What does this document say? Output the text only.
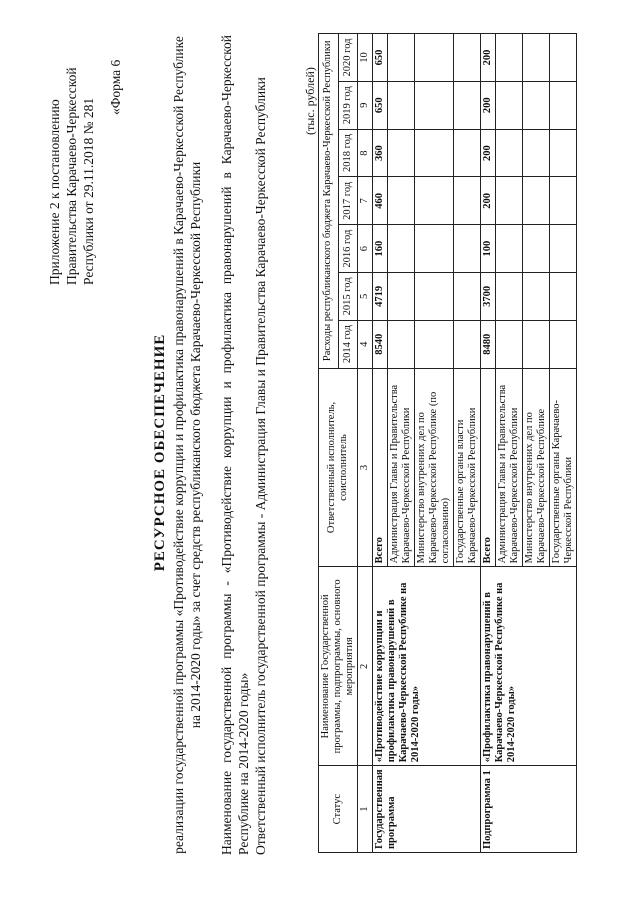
Приложение 2 к постановлению Правительства Карачаево-Черкесской Республики от 29.11.2018 № 281
«Форма 6
РЕСУРСНОЕ ОБЕСПЕЧЕНИЕ реализации государственной программы «Противодействие коррупции и профилактика правонарушений в Карачаево-Черкесской Республике на 2014-2020 годы» за счет средств республиканского бюджета Карачаево-Черкесской Республики Наименование государственной программы - «Противодействие коррупции и профилактика правонарушений в Карачаево-Черкесской Республике на 2014-2020 годы» Ответственный исполнитель государственной программы - Администрация Главы и Правительства Карачаево-Черкесской Республики	(тыс. рублей)
Статус	Наименование Государственной программы, подпрограммы, основного мероприятия	Ответственный исполнитель, соисполнитель	Расходы республиканского бюджета Карачаево-Черкесской Республики						
			2014 год	2015 год	2016 год	2017 год	2018 год	2019 год	2020 год
1	2	3	4	5	6	7	8	9	10
Государственная программа	«Противодействие коррупции и профилактика правонарушений в Карачаево-Черкесской Республике на 2014-2020 годы»	Всего	8540	4719	160	460	360	650	650
		Администрация Главы и Правительства Карачаево-Черкесской Республики							
		Министерство внутренних дел по Карачаево-Черкесской Республике (по согласованию)							
		Государственные органы власти Карачаево-Черкесской Республики							
Подпрограмма 1	«Профилактика правонарушений в Карачаево-Черкесской Республике на 2014-2020 годы»	Всего	8480	3700	100	200	200	200	200
		Администрация Главы и Правительства Карачаево-Черкесской Республики							
		Министерство внутренних дел по Карачаево-Черкесской Республике							
		Государственные органы Карачаево-Черкесской Республики							
